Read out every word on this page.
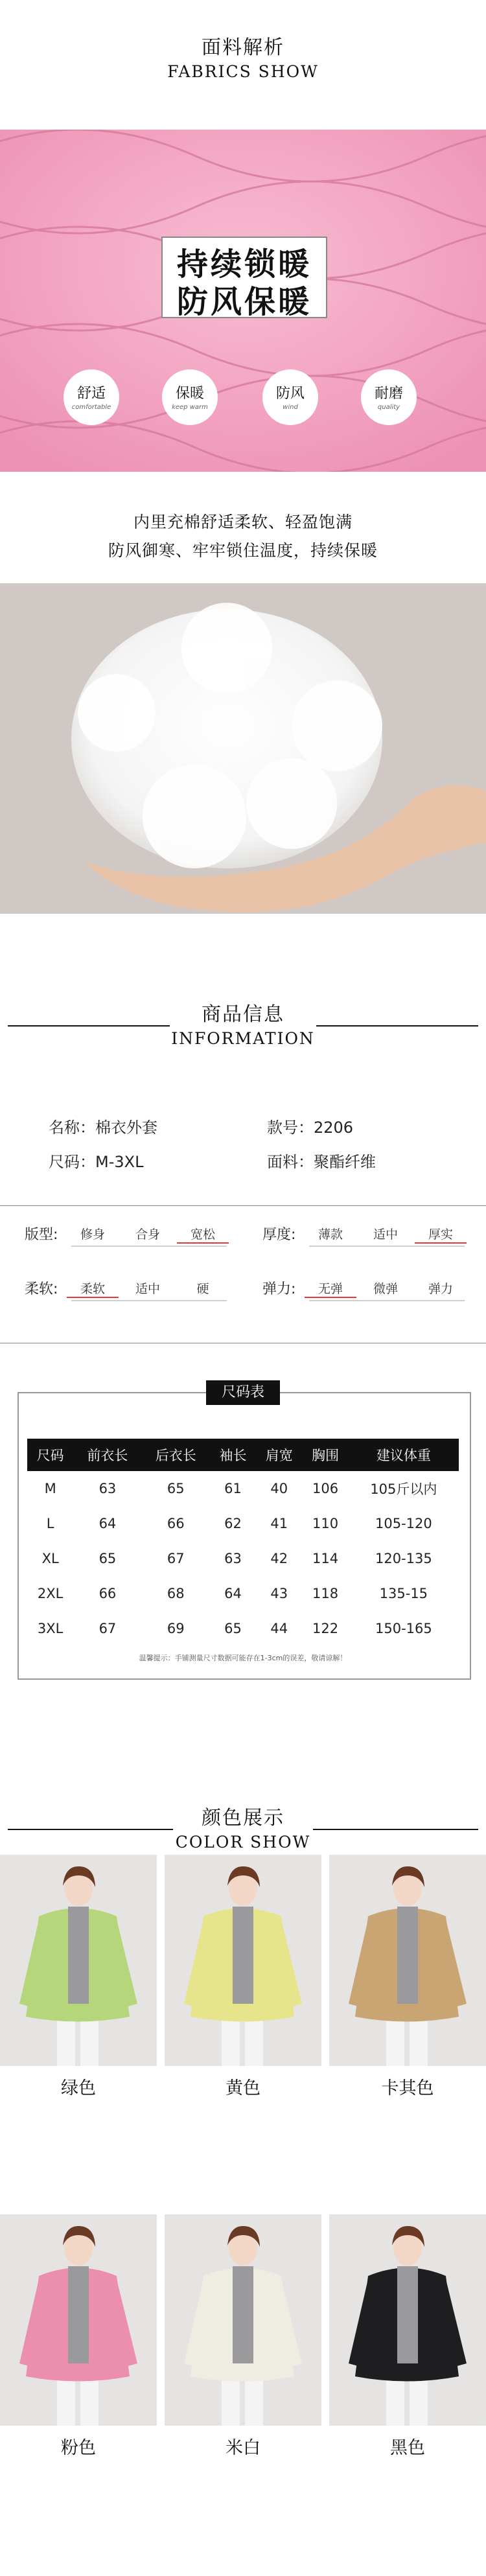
面料解析
FABRICS SHOW
持续锁暖
防风保暖
舒适
comfortable
保暖
keep warm
防风
wind
耐磨
quality
内里充棉舒适柔软、轻盈饱满
防风御寒、牢牢锁住温度，持续保暖
商品信息
INFORMATION
名称：棉衣外套	款号：2206
尺码：M-3XL	面料：聚酯纤维
版型:	修身	合身	宽松	厚度:	薄款	适中	厚实
柔软:	柔软	适中	硬	弹力:	无弹	微弹	弹力
尺码表
尺码	前衣长	后衣长	袖长	肩宽	胸围	建议体重
M	63	65	61	40	106	105斤以内
L	64	66	62	41	110	105-120
XL	65	67	63	42	114	120-135
2XL	66	68	64	43	118	135-15
3XL	67	69	65	44	122	150-165
温馨提示：手铺测量尺寸数据可能存在1-3cm的误差，敬请谅解！
颜色展示
COLOR SHOW
绿色	黄色	卡其色
粉色	米白	黑色
